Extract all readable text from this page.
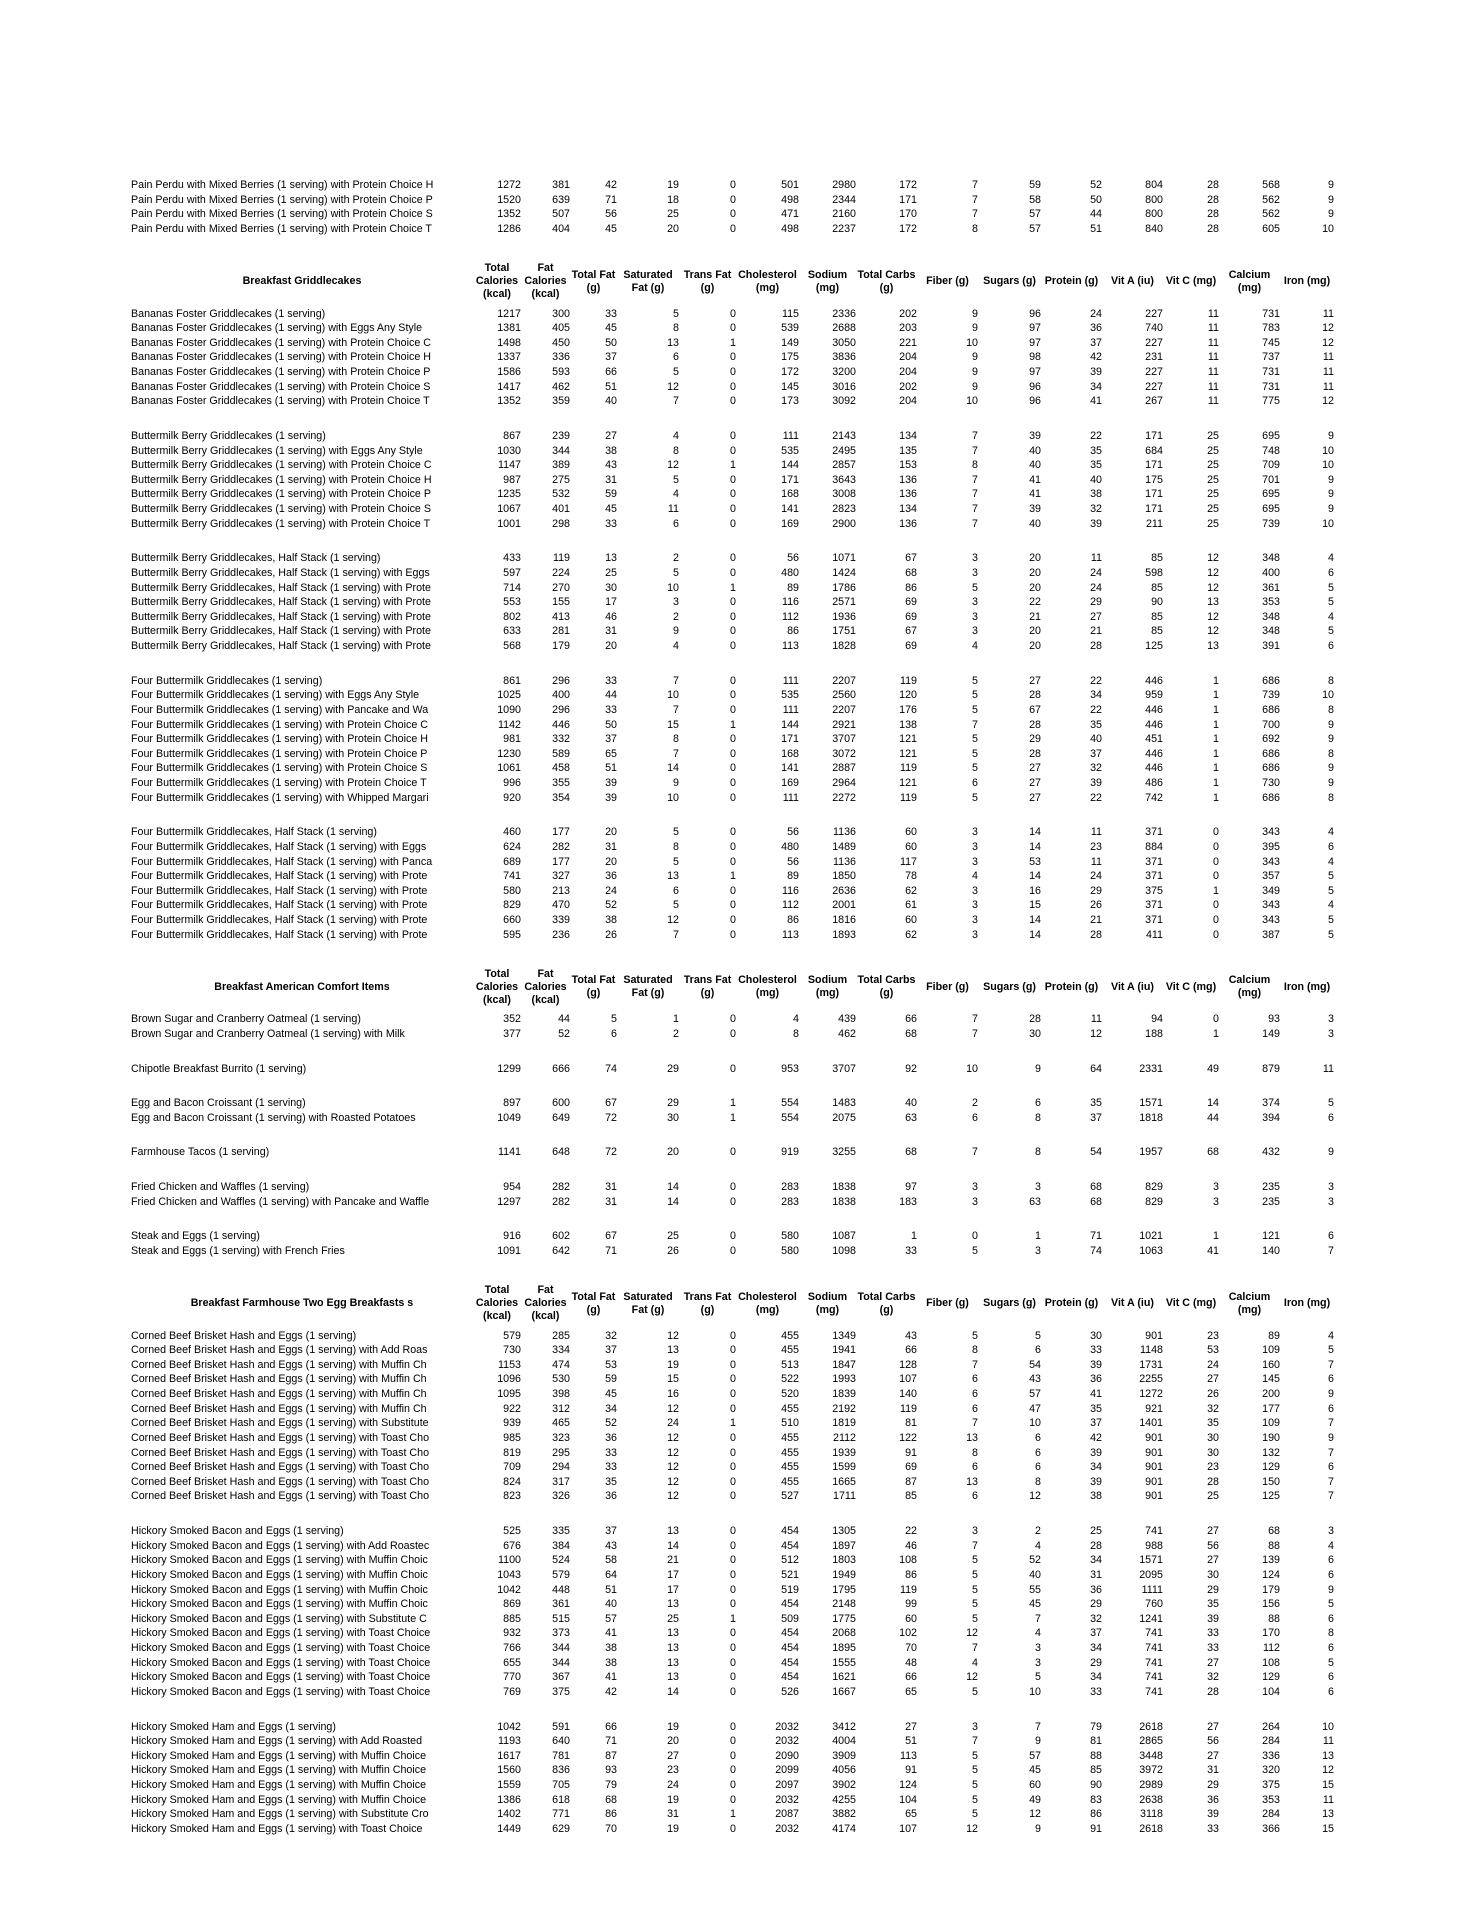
Pain Perdu with Mixed Berries (1 serving) with Protein Choice H	1272	381	42	19	0	501	2980	172	7	59	52	804	28	568	9
Pain Perdu with Mixed Berries (1 serving) with Protein Choice P	1520	639	71	18	0	498	2344	171	7	58	50	800	28	562	9
Pain Perdu with Mixed Berries (1 serving) with Protein Choice S	1352	507	56	25	0	471	2160	170	7	57	44	800	28	562	9
Pain Perdu with Mixed Berries (1 serving) with Protein Choice T	1286	404	45	20	0	498	2237	172	8	57	51	840	28	605	10

Breakfast Griddlecakes	Total Calories (kcal)	Fat Calories (kcal)	Total Fat (g)	Saturated Fat (g)	Trans Fat (g)	Cholesterol (mg)	Sodium (mg)	Total Carbs (g)	Fiber (g)	Sugars (g)	Protein (g)	Vit A (iu)	Vit C (mg)	Calcium (mg)	Iron (mg)
Bananas Foster Griddlecakes (1 serving)	1217	300	33	5	0	115	2336	202	9	96	24	227	11	731	11
Bananas Foster Griddlecakes (1 serving) with Eggs Any Style	1381	405	45	8	0	539	2688	203	9	97	36	740	11	783	12
Bananas Foster Griddlecakes (1 serving) with Protein Choice C	1498	450	50	13	1	149	3050	221	10	97	37	227	11	745	12
Bananas Foster Griddlecakes (1 serving) with Protein Choice H	1337	336	37	6	0	175	3836	204	9	98	42	231	11	737	11
Bananas Foster Griddlecakes (1 serving) with Protein Choice P	1586	593	66	5	0	172	3200	204	9	97	39	227	11	731	11
Bananas Foster Griddlecakes (1 serving) with Protein Choice S	1417	462	51	12	0	145	3016	202	9	96	34	227	11	731	11
Bananas Foster Griddlecakes (1 serving) with Protein Choice T	1352	359	40	7	0	173	3092	204	10	96	41	267	11	775	12

Buttermilk Berry Griddlecakes (1 serving)	867	239	27	4	0	111	2143	134	7	39	22	171	25	695	9
Buttermilk Berry Griddlecakes (1 serving) with Eggs Any Style	1030	344	38	8	0	535	2495	135	7	40	35	684	25	748	10
Buttermilk Berry Griddlecakes (1 serving) with Protein Choice C	1147	389	43	12	1	144	2857	153	8	40	35	171	25	709	10
Buttermilk Berry Griddlecakes (1 serving) with Protein Choice H	987	275	31	5	0	171	3643	136	7	41	40	175	25	701	9
Buttermilk Berry Griddlecakes (1 serving) with Protein Choice P	1235	532	59	4	0	168	3008	136	7	41	38	171	25	695	9
Buttermilk Berry Griddlecakes (1 serving) with Protein Choice S	1067	401	45	11	0	141	2823	134	7	39	32	171	25	695	9
Buttermilk Berry Griddlecakes (1 serving) with Protein Choice T	1001	298	33	6	0	169	2900	136	7	40	39	211	25	739	10

Buttermilk Berry Griddlecakes, Half Stack (1 serving)	433	119	13	2	0	56	1071	67	3	20	11	85	12	348	4
Buttermilk Berry Griddlecakes, Half Stack (1 serving) with Eggs	597	224	25	5	0	480	1424	68	3	20	24	598	12	400	6
Buttermilk Berry Griddlecakes, Half Stack (1 serving) with Prote	714	270	30	10	1	89	1786	86	5	20	24	85	12	361	5
Buttermilk Berry Griddlecakes, Half Stack (1 serving) with Prote	553	155	17	3	0	116	2571	69	3	22	29	90	13	353	5
Buttermilk Berry Griddlecakes, Half Stack (1 serving) with Prote	802	413	46	2	0	112	1936	69	3	21	27	85	12	348	4
Buttermilk Berry Griddlecakes, Half Stack (1 serving) with Prote	633	281	31	9	0	86	1751	67	3	20	21	85	12	348	5
Buttermilk Berry Griddlecakes, Half Stack (1 serving) with Prote	568	179	20	4	0	113	1828	69	4	20	28	125	13	391	6

Four Buttermilk Griddlecakes (1 serving)	861	296	33	7	0	111	2207	119	5	27	22	446	1	686	8
Four Buttermilk Griddlecakes (1 serving) with Eggs Any Style	1025	400	44	10	0	535	2560	120	5	28	34	959	1	739	10
Four Buttermilk Griddlecakes (1 serving) with Pancake and Wa	1090	296	33	7	0	111	2207	176	5	67	22	446	1	686	8
Four Buttermilk Griddlecakes (1 serving) with Protein Choice C	1142	446	50	15	1	144	2921	138	7	28	35	446	1	700	9
Four Buttermilk Griddlecakes (1 serving) with Protein Choice H	981	332	37	8	0	171	3707	121	5	29	40	451	1	692	9
Four Buttermilk Griddlecakes (1 serving) with Protein Choice P	1230	589	65	7	0	168	3072	121	5	28	37	446	1	686	8
Four Buttermilk Griddlecakes (1 serving) with Protein Choice S	1061	458	51	14	0	141	2887	119	5	27	32	446	1	686	9
Four Buttermilk Griddlecakes (1 serving) with Protein Choice T	996	355	39	9	0	169	2964	121	6	27	39	486	1	730	9
Four Buttermilk Griddlecakes (1 serving) with Whipped Margari	920	354	39	10	0	111	2272	119	5	27	22	742	1	686	8

Four Buttermilk Griddlecakes, Half Stack (1 serving)	460	177	20	5	0	56	1136	60	3	14	11	371	0	343	4
Four Buttermilk Griddlecakes, Half Stack (1 serving) with Eggs	624	282	31	8	0	480	1489	60	3	14	23	884	0	395	6
Four Buttermilk Griddlecakes, Half Stack (1 serving) with Panca	689	177	20	5	0	56	1136	117	3	53	11	371	0	343	4
Four Buttermilk Griddlecakes, Half Stack (1 serving) with Prote	741	327	36	13	1	89	1850	78	4	14	24	371	0	357	5
Four Buttermilk Griddlecakes, Half Stack (1 serving) with Prote	580	213	24	6	0	116	2636	62	3	16	29	375	1	349	5
Four Buttermilk Griddlecakes, Half Stack (1 serving) with Prote	829	470	52	5	0	112	2001	61	3	15	26	371	0	343	4
Four Buttermilk Griddlecakes, Half Stack (1 serving) with Prote	660	339	38	12	0	86	1816	60	3	14	21	371	0	343	5
Four Buttermilk Griddlecakes, Half Stack (1 serving) with Prote	595	236	26	7	0	113	1893	62	3	14	28	411	0	387	5

Breakfast American Comfort Items	Total Calories (kcal)	Fat Calories (kcal)	Total Fat (g)	Saturated Fat (g)	Trans Fat (g)	Cholesterol (mg)	Sodium (mg)	Total Carbs (g)	Fiber (g)	Sugars (g)	Protein (g)	Vit A (iu)	Vit C (mg)	Calcium (mg)	Iron (mg)
Brown Sugar and Cranberry Oatmeal (1 serving)	352	44	5	1	0	4	439	66	7	28	11	94	0	93	3
Brown Sugar and Cranberry Oatmeal (1 serving) with Milk	377	52	6	2	0	8	462	68	7	30	12	188	1	149	3

Chipotle Breakfast Burrito (1 serving)	1299	666	74	29	0	953	3707	92	10	9	64	2331	49	879	11

Egg and Bacon Croissant (1 serving)	897	600	67	29	1	554	1483	40	2	6	35	1571	14	374	5
Egg and Bacon Croissant (1 serving) with Roasted Potatoes	1049	649	72	30	1	554	2075	63	6	8	37	1818	44	394	6

Farmhouse Tacos (1 serving)	1141	648	72	20	0	919	3255	68	7	8	54	1957	68	432	9

Fried Chicken and Waffles (1 serving)	954	282	31	14	0	283	1838	97	3	3	68	829	3	235	3
Fried Chicken and Waffles (1 serving) with Pancake and Waffle	1297	282	31	14	0	283	1838	183	3	63	68	829	3	235	3

Steak and Eggs (1 serving)	916	602	67	25	0	580	1087	1	0	1	71	1021	1	121	6
Steak and Eggs (1 serving) with French Fries	1091	642	71	26	0	580	1098	33	5	3	74	1063	41	140	7

Breakfast Farmhouse Two Egg Breakfasts s	Total Calories (kcal)	Fat Calories (kcal)	Total Fat (g)	Saturated Fat (g)	Trans Fat (g)	Cholesterol (mg)	Sodium (mg)	Total Carbs (g)	Fiber (g)	Sugars (g)	Protein (g)	Vit A (iu)	Vit C (mg)	Calcium (mg)	Iron (mg)
Corned Beef Brisket Hash and Eggs (1 serving)	579	285	32	12	0	455	1349	43	5	5	30	901	23	89	4
Corned Beef Brisket Hash and Eggs (1 serving) with Add Roas	730	334	37	13	0	455	1941	66	8	6	33	1148	53	109	5
Corned Beef Brisket Hash and Eggs (1 serving) with Muffin Ch	1153	474	53	19	0	513	1847	128	7	54	39	1731	24	160	7
Corned Beef Brisket Hash and Eggs (1 serving) with Muffin Ch	1096	530	59	15	0	522	1993	107	6	43	36	2255	27	145	6
Corned Beef Brisket Hash and Eggs (1 serving) with Muffin Ch	1095	398	45	16	0	520	1839	140	6	57	41	1272	26	200	9
Corned Beef Brisket Hash and Eggs (1 serving) with Muffin Ch	922	312	34	12	0	455	2192	119	6	47	35	921	32	177	6
Corned Beef Brisket Hash and Eggs (1 serving) with Substitute	939	465	52	24	1	510	1819	81	7	10	37	1401	35	109	7
Corned Beef Brisket Hash and Eggs (1 serving) with Toast Cho	985	323	36	12	0	455	2112	122	13	6	42	901	30	190	9
Corned Beef Brisket Hash and Eggs (1 serving) with Toast Cho	819	295	33	12	0	455	1939	91	8	6	39	901	30	132	7
Corned Beef Brisket Hash and Eggs (1 serving) with Toast Cho	709	294	33	12	0	455	1599	69	6	6	34	901	23	129	6
Corned Beef Brisket Hash and Eggs (1 serving) with Toast Cho	824	317	35	12	0	455	1665	87	13	8	39	901	28	150	7
Corned Beef Brisket Hash and Eggs (1 serving) with Toast Cho	823	326	36	12	0	527	1711	85	6	12	38	901	25	125	7

Hickory Smoked Bacon and Eggs (1 serving)	525	335	37	13	0	454	1305	22	3	2	25	741	27	68	3
Hickory Smoked Bacon and Eggs (1 serving) with Add Roastec	676	384	43	14	0	454	1897	46	7	4	28	988	56	88	4
Hickory Smoked Bacon and Eggs (1 serving) with Muffin Choic	1100	524	58	21	0	512	1803	108	5	52	34	1571	27	139	6
Hickory Smoked Bacon and Eggs (1 serving) with Muffin Choic	1043	579	64	17	0	521	1949	86	5	40	31	2095	30	124	6
Hickory Smoked Bacon and Eggs (1 serving) with Muffin Choic	1042	448	51	17	0	519	1795	119	5	55	36	1111	29	179	9
Hickory Smoked Bacon and Eggs (1 serving) with Muffin Choic	869	361	40	13	0	454	2148	99	5	45	29	760	35	156	5
Hickory Smoked Bacon and Eggs (1 serving) with Substitute C	885	515	57	25	1	509	1775	60	5	7	32	1241	39	88	6
Hickory Smoked Bacon and Eggs (1 serving) with Toast Choice	932	373	41	13	0	454	2068	102	12	4	37	741	33	170	8
Hickory Smoked Bacon and Eggs (1 serving) with Toast Choice	766	344	38	13	0	454	1895	70	7	3	34	741	33	112	6
Hickory Smoked Bacon and Eggs (1 serving) with Toast Choice	655	344	38	13	0	454	1555	48	4	3	29	741	27	108	5
Hickory Smoked Bacon and Eggs (1 serving) with Toast Choice	770	367	41	13	0	454	1621	66	12	5	34	741	32	129	6
Hickory Smoked Bacon and Eggs (1 serving) with Toast Choice	769	375	42	14	0	526	1667	65	5	10	33	741	28	104	6

Hickory Smoked Ham and Eggs (1 serving)	1042	591	66	19	0	2032	3412	27	3	7	79	2618	27	264	10
Hickory Smoked Ham and Eggs (1 serving) with Add Roasted	1193	640	71	20	0	2032	4004	51	7	9	81	2865	56	284	11
Hickory Smoked Ham and Eggs (1 serving) with Muffin Choice	1617	781	87	27	0	2090	3909	113	5	57	88	3448	27	336	13
Hickory Smoked Ham and Eggs (1 serving) with Muffin Choice	1560	836	93	23	0	2099	4056	91	5	45	85	3972	31	320	12
Hickory Smoked Ham and Eggs (1 serving) with Muffin Choice	1559	705	79	24	0	2097	3902	124	5	60	90	2989	29	375	15
Hickory Smoked Ham and Eggs (1 serving) with Muffin Choice	1386	618	68	19	0	2032	4255	104	5	49	83	2638	36	353	11
Hickory Smoked Ham and Eggs (1 serving) with Substitute Cro	1402	771	86	31	1	2087	3882	65	5	12	86	3118	39	284	13
Hickory Smoked Ham and Eggs (1 serving) with Toast Choice	1449	629	70	19	0	2032	4174	107	12	9	91	2618	33	366	15
